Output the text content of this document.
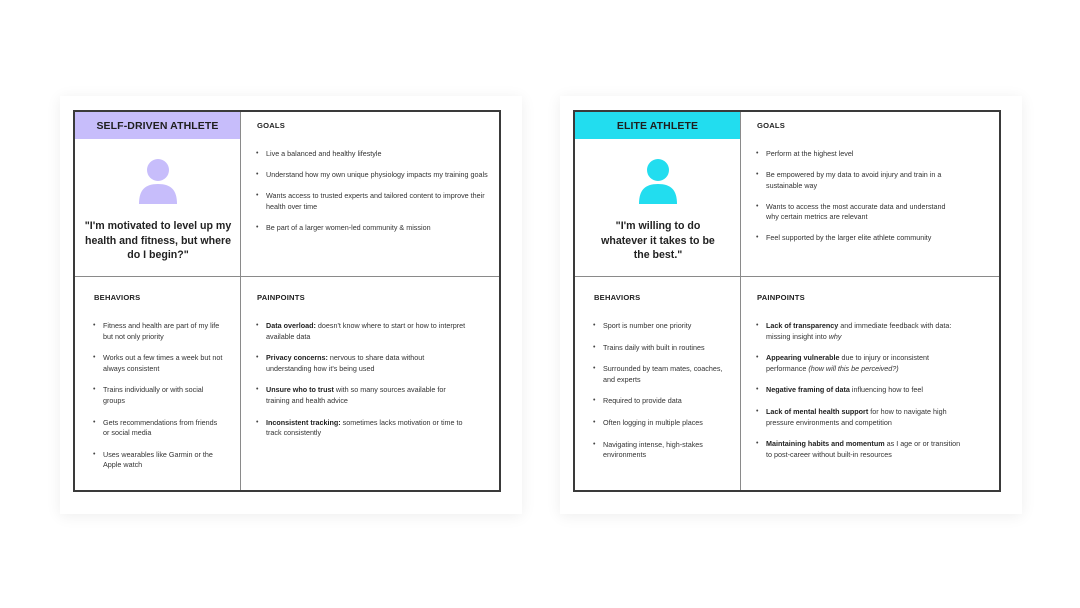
SELF-DRIVEN ATHLETE
"I'm motivated to level up my health and fitness, but where do I begin?"
GOALS
• Live a balanced and healthy lifestyle
• Understand how my own unique physiology impacts my training goals
• Wants access to trusted experts and tailored content to improve their health over time
• Be part of a larger women-led community & mission
BEHAVIORS
• Fitness and health are part of my life but not only priority
• Works out a few times a week but not always consistent
• Trains individually or with social groups
• Gets recommendations from friends or social media
• Uses wearables like Garmin or the Apple watch
PAINPOINTS
• Data overload: doesn't know where to start or how to interpret available data
• Privacy concerns: nervous to share data without understanding how it's being used
• Unsure who to trust with so many sources available for training and health advice
• Inconsistent tracking: sometimes lacks motivation or time to track consistently
ELITE ATHLETE
"I'm willing to do whatever it takes to be the best."
GOALS
• Perform at the highest level
• Be empowered by my data to avoid injury and train in a sustainable way
• Wants to access the most accurate data and understand why certain metrics are relevant
• Feel supported by the larger elite athlete community
BEHAVIORS
• Sport is number one priority
• Trains daily with built in routines
• Surrounded by team mates, coaches, and experts
• Required to provide data
• Often logging in multiple places
• Navigating intense, high-stakes environments
PAINPOINTS
• Lack of transparency and immediate feedback with data: missing insight into why
• Appearing vulnerable due to injury or inconsistent performance (how will this be perceived?)
• Negative framing of data influencing how to feel
• Lack of mental health support for how to navigate high pressure environments and competition
• Maintaining habits and momentum as I age or or transition to post-career without built-in resources
